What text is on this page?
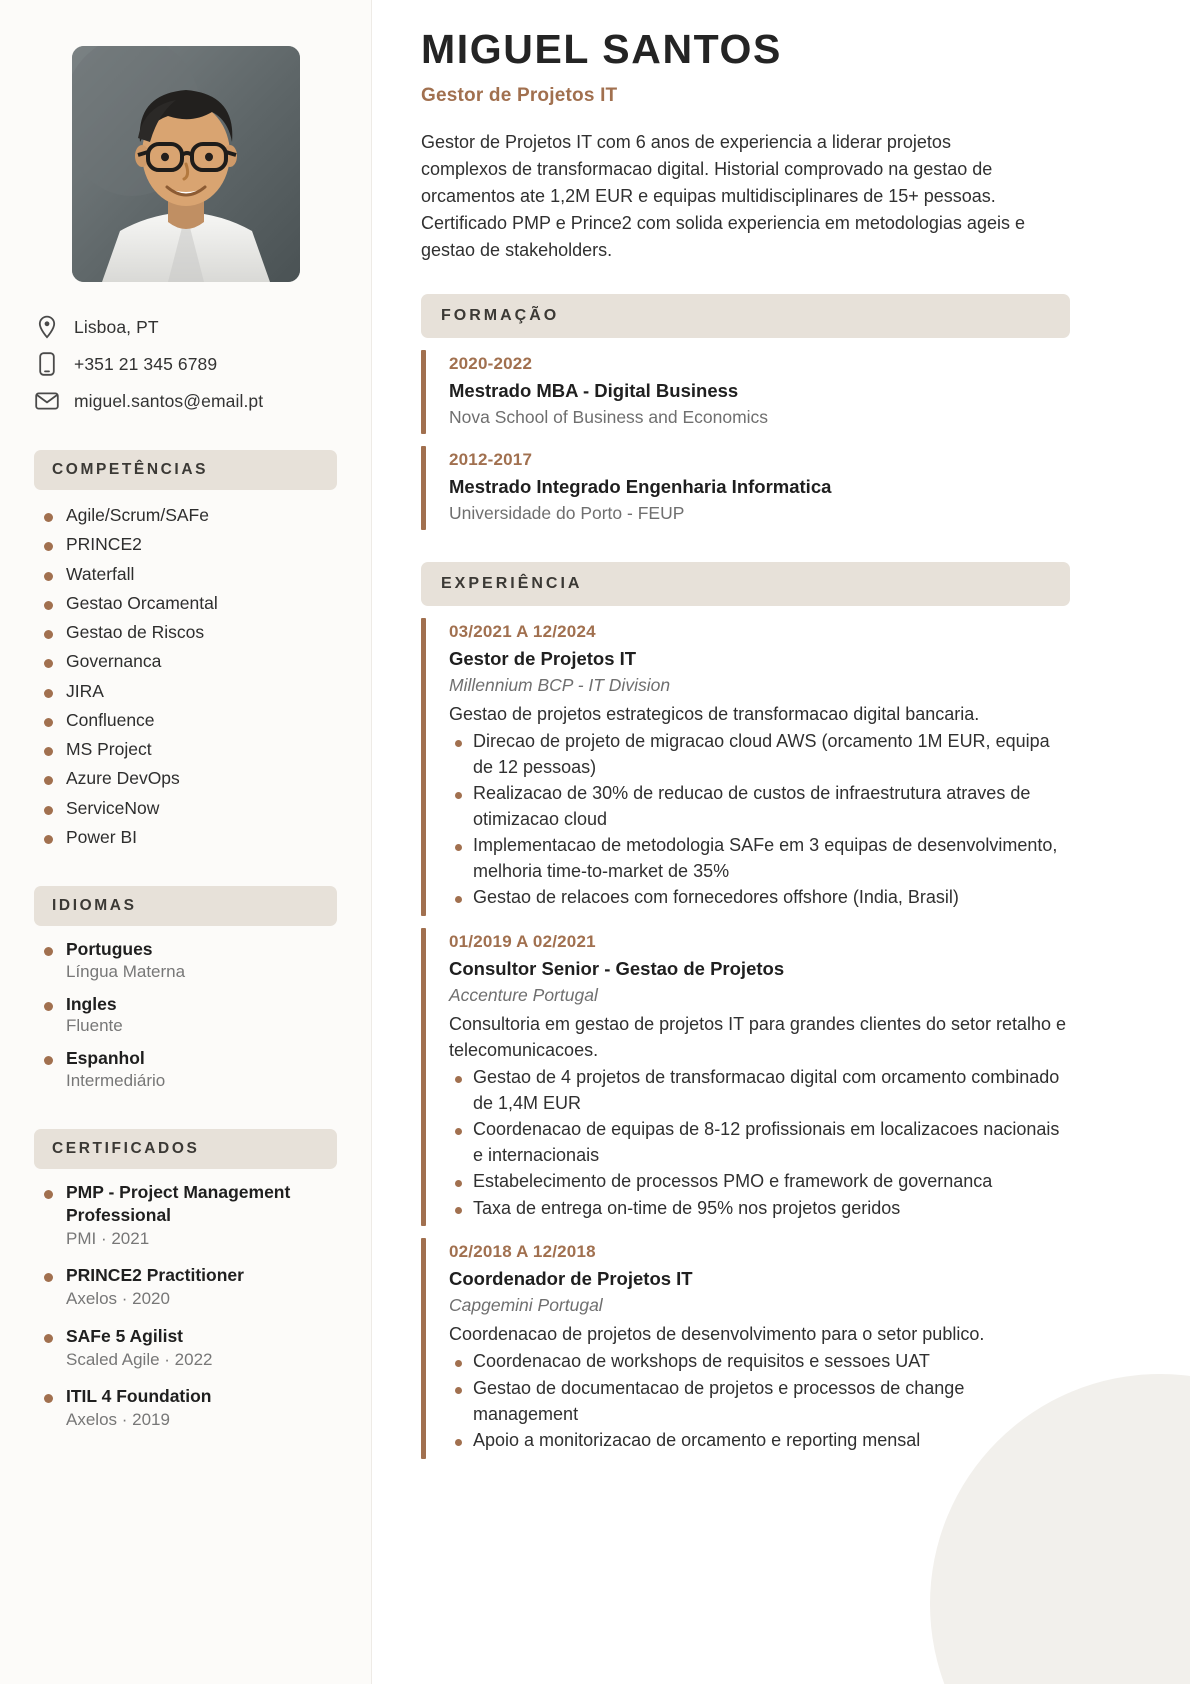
Lisboa, PT
+351 21 345 6789
miguel.santos@email.pt
COMPETÊNCIAS
Agile/Scrum/SAFe
PRINCE2
Waterfall
Gestao Orcamental
Gestao de Riscos
Governanca
JIRA
Confluence
MS Project
Azure DevOps
ServiceNow
Power BI
IDIOMAS
Portugues
Língua Materna
Ingles
Fluente
Espanhol
Intermediário
CERTIFICADOS
PMP - Project Management Professional
PMI · 2021
PRINCE2 Practitioner
Axelos · 2020
SAFe 5 Agilist
Scaled Agile · 2022
ITIL 4 Foundation
Axelos · 2019
MIGUEL SANTOS
Gestor de Projetos IT

Gestor de Projetos IT com 6 anos de experiencia a liderar projetos complexos de transformacao digital. Historial comprovado na gestao de orcamentos ate 1,2M EUR e equipas multidisciplinares de 15+ pessoas. Certificado PMP e Prince2 com solida experiencia em metodologias ageis e gestao de stakeholders.

FORMAÇÃO
2020-2022
Mestrado MBA - Digital Business
Nova School of Business and Economics
2012-2017
Mestrado Integrado Engenharia Informatica
Universidade do Porto - FEUP
EXPERIÊNCIA
03/2021 A 12/2024
Gestor de Projetos IT
Millennium BCP - IT Division
Gestao de projetos estrategicos de transformacao digital bancaria.
Direcao de projeto de migracao cloud AWS (orcamento 1M EUR, equipa de 12 pessoas)
Realizacao de 30% de reducao de custos de infraestrutura atraves de otimizacao cloud
Implementacao de metodologia SAFe em 3 equipas de desenvolvimento, melhoria time-to-market de 35%
Gestao de relacoes com fornecedores offshore (India, Brasil)
01/2019 A 02/2021
Consultor Senior - Gestao de Projetos
Accenture Portugal
Consultoria em gestao de projetos IT para grandes clientes do setor retalho e telecomunicacoes.
Gestao de 4 projetos de transformacao digital com orcamento combinado de 1,4M EUR
Coordenacao de equipas de 8-12 profissionais em localizacoes nacionais e internacionais
Estabelecimento de processos PMO e framework de governanca
Taxa de entrega on-time de 95% nos projetos geridos
02/2018 A 12/2018
Coordenador de Projetos IT
Capgemini Portugal
Coordenacao de projetos de desenvolvimento para o setor publico.
Coordenacao de workshops de requisitos e sessoes UAT
Gestao de documentacao de projetos e processos de change management
Apoio a monitorizacao de orcamento e reporting mensal
